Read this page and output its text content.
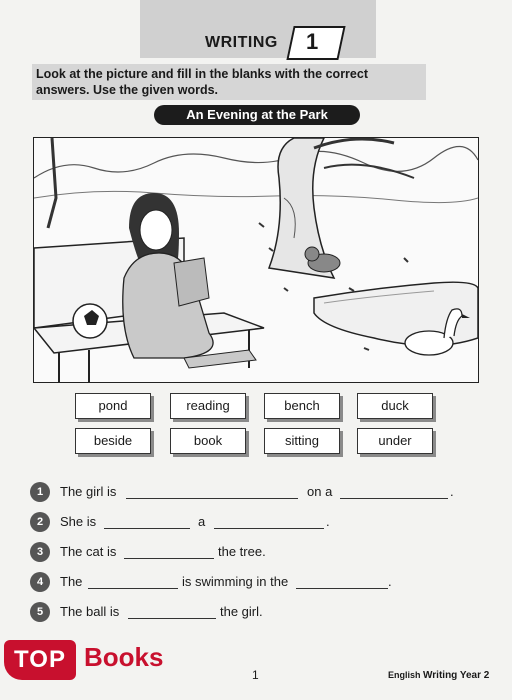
WRITING 1
Look at the picture and fill in the blanks with the correct answers. Use the given words.
An Evening at the Park
pond	reading	bench	duck
beside	book	sitting	under
1	The girl is	on a	.
2	She is	a	.
3	The cat is	the tree.
4	The	is swimming in the	.
5	The ball is	the girl.
TOP Books
1	English Writing Year 2
